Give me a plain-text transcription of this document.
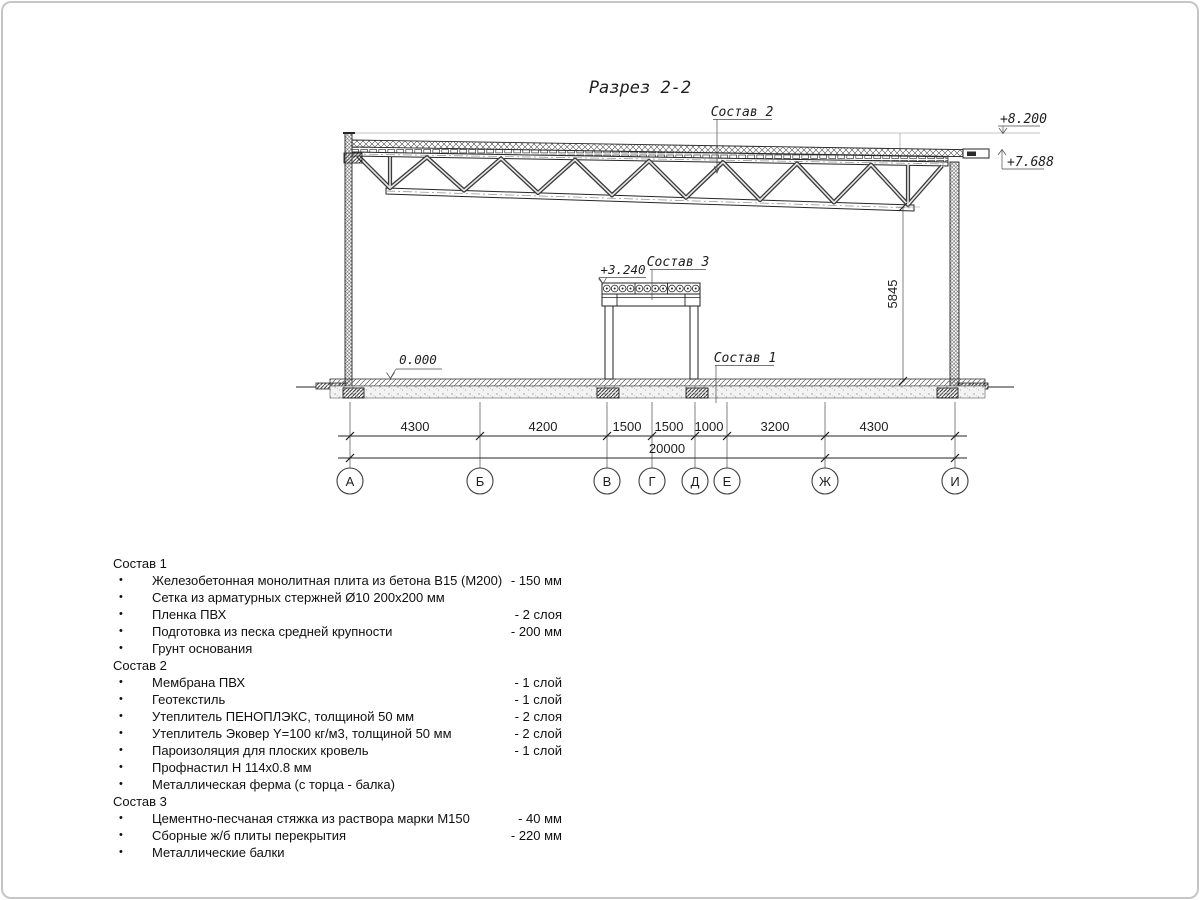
Разрез 2-2
Состав 2
Состав 3
Состав 1
+8.200
+7.688
+3.240
0.000
5845
4300	4200	1500 1500 1000	3200	4300
20000
А	Б	В	Г	Д Е	Ж	И
Состав 1
•	Железобетонная монолитная плита из бетона В15 (М200) - 150 мм
•	Сетка из арматурных стержней Ø10 200х200 мм
•	Пленка ПВХ	- 2 слоя
•	Подготовка из песка средней крупности	- 200 мм
•	Грунт основания
Состав 2
•	Мембрана ПВХ	- 1 слой
•	Геотекстиль	- 1 слой
•	Утеплитель ПЕНОПЛЭКС, толщиной 50 мм	- 2 слоя
•	Утеплитель Эковер Y=100 кг/м3, толщиной 50 мм	- 2 слой
•	Пароизоляция для плоских кровель	- 1 слой
•	Профнастил Н 114х0.8 мм
•	Металлическая ферма (с торца - балка)
Состав 3
•	Цементно-песчаная стяжка из раствора марки М150	- 40 мм
•	Сборные ж/б плиты перекрытия	- 220 мм
•	Металлические балки
